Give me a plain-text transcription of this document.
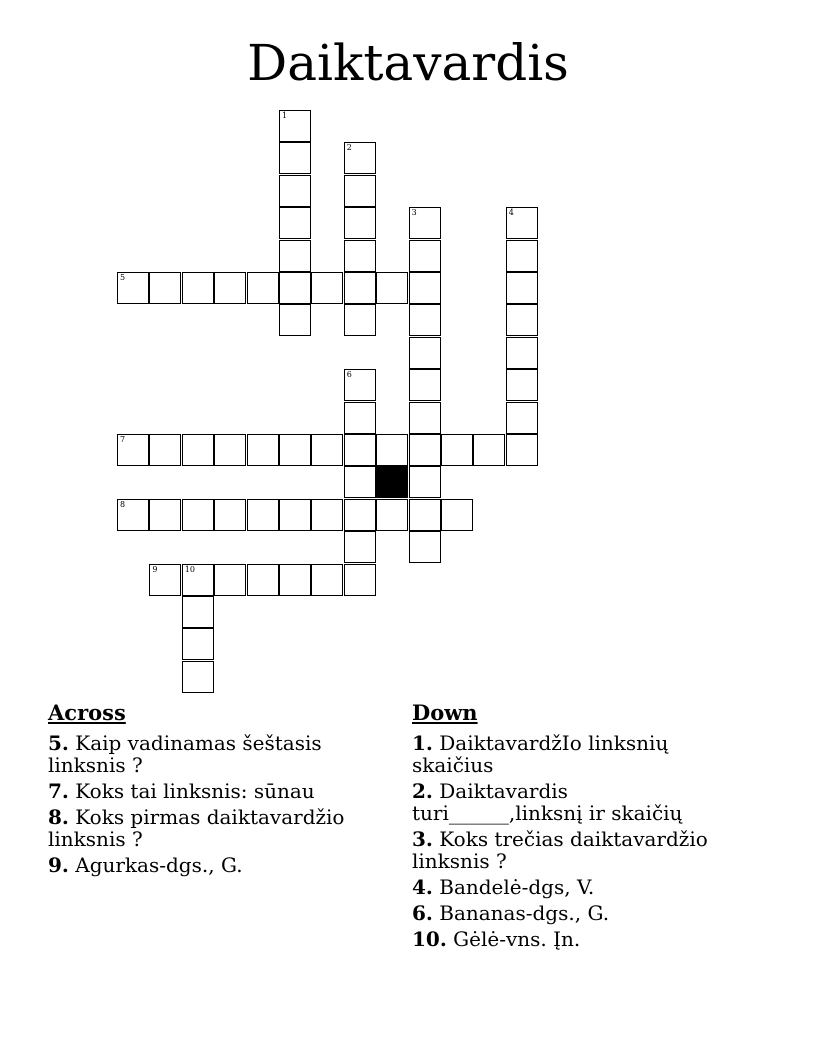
Daiktavardis
1
2
3	4
5
6
7
8
9	10
Across
5. Kaip vadinamas šeštasis linksnis ?
7. Koks tai linksnis: sūnau
8. Koks pirmas daiktavardžio linksnis ?
9. Agurkas-dgs., G.
Down
1. DaiktavardžIo linksnių skaičius
2. Daiktavardis turi______,linksnį ir skaičių
3. Koks trečias daiktavardžio linksnis ?
4. Bandelė-dgs, V.
6. Bananas-dgs., G.
10. Gėlė-vns. Įn.
